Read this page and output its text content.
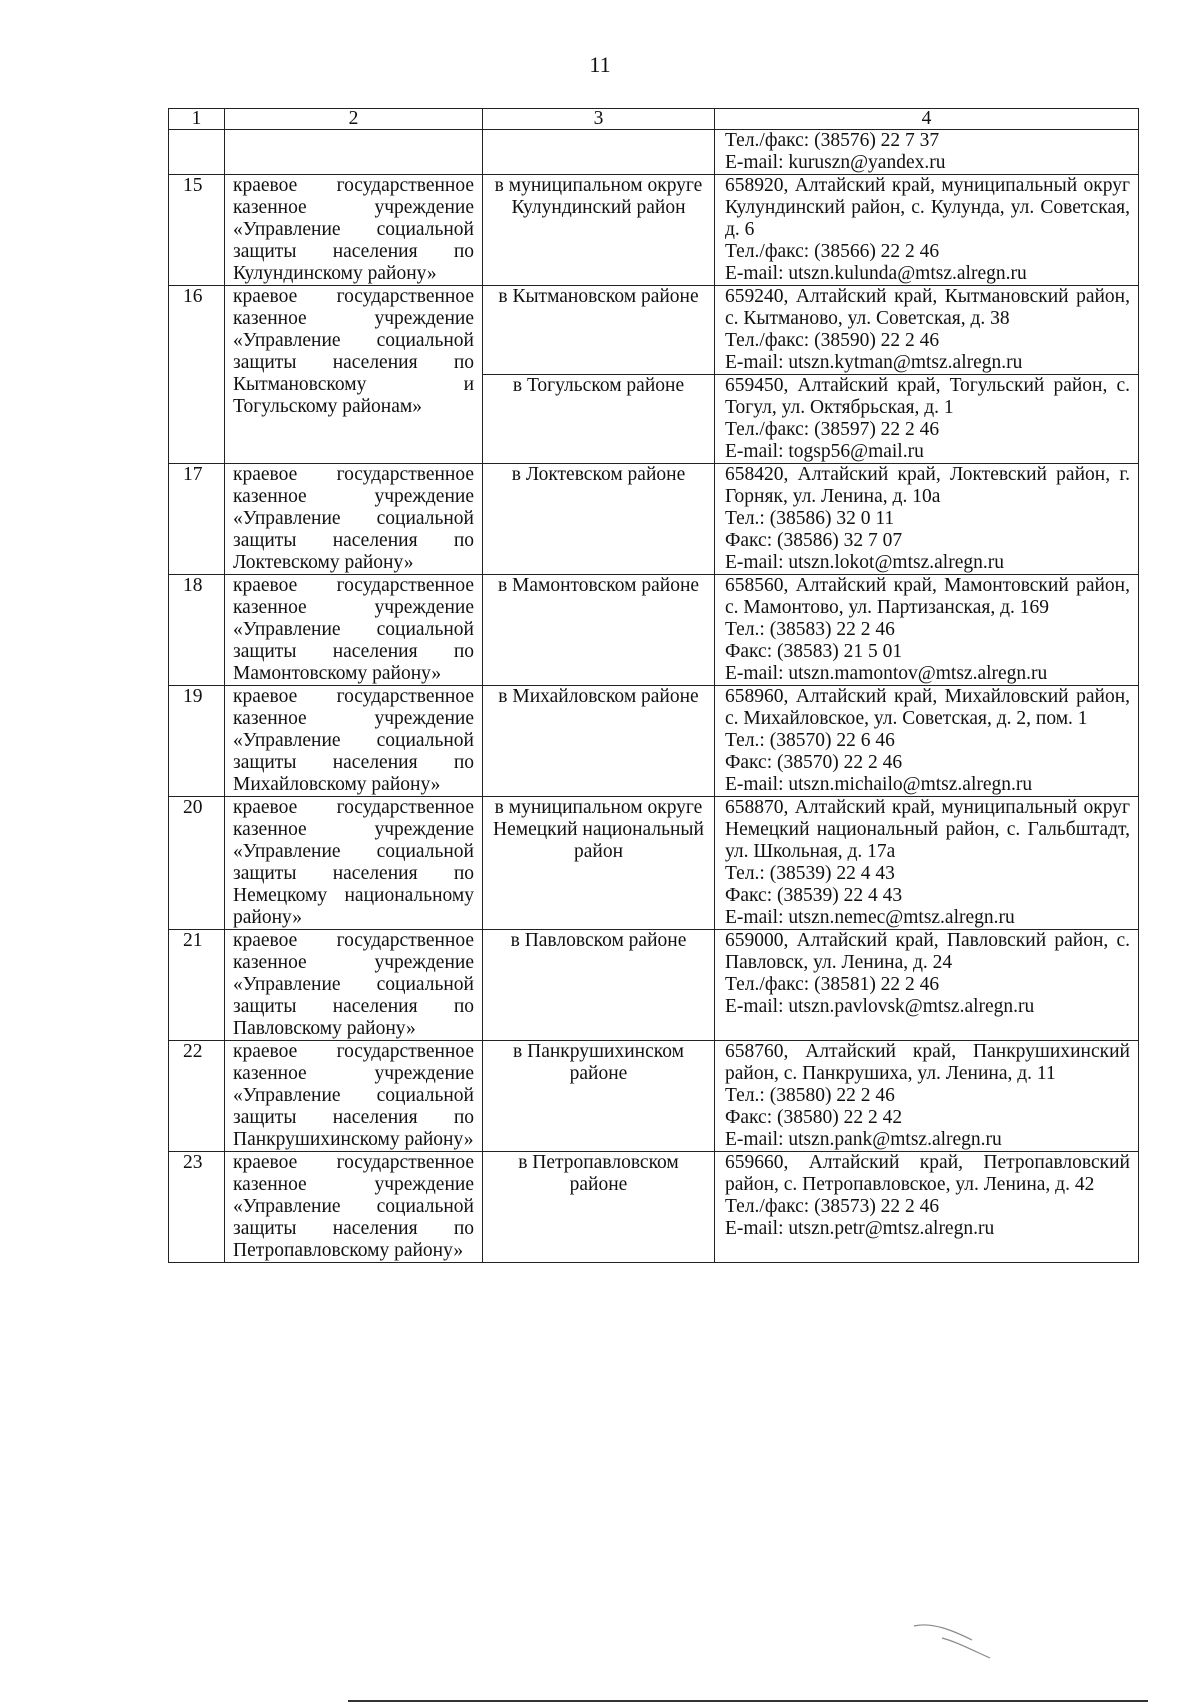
11
1	2	3	4

			Тел./факс: (38576) 22 7 37
E-mail: kuruszn@yandex.ru

15	краевое государственное казенное учреждение «Управление социальной защиты населения по Кулундинскому району»	в муниципальном округе Кулундинский район	658920, Алтайский край, муниципальный округ Кулундинский район, с. Кулунда, ул. Советская, д. 6
Тел./факс: (38566) 22 2 46
E-mail: utszn.kulunda@mtsz.alregn.ru

16	краевое государственное казенное учреждение «Управление социальной защиты населения по Кытмановскому и Тогульскому районам»	в Кытмановском районе	659240, Алтайский край, Кытмановский район, с. Кытманово, ул. Советская, д. 38
Тел./факс: (38590) 22 2 46
E-mail: utszn.kytman@mtsz.alregn.ru

		в Тогульском районе	659450, Алтайский край, Тогульский район, с. Тогул, ул. Октябрьская, д. 1
Тел./факс: (38597) 22 2 46
E-mail: togsp56@mail.ru

17	краевое государственное казенное учреждение «Управление социальной защиты населения по Локтевскому району»	в Локтевском районе	658420, Алтайский край, Локтевский район, г. Горняк, ул. Ленина, д. 10а
Тел.: (38586) 32 0 11
Факс: (38586) 32 7 07
E-mail: utszn.lokot@mtsz.alregn.ru

18	краевое государственное казенное учреждение «Управление социальной защиты населения по Мамонтовскому району»	в Мамонтовском районе	658560, Алтайский край, Мамонтовский район, с. Мамонтово, ул. Партизанская, д. 169
Тел.: (38583) 22 2 46
Факс: (38583) 21 5 01
E-mail: utszn.mamontov@mtsz.alregn.ru

19	краевое государственное казенное учреждение «Управление социальной защиты населения по Михайловскому району»	в Михайловском районе	658960, Алтайский край, Михайловский район, с. Михайловское, ул. Советская, д. 2, пом. 1
Тел.: (38570) 22 6 46
Факс: (38570) 22 2 46
E-mail: utszn.michailo@mtsz.alregn.ru

20	краевое государственное казенное учреждение «Управление социальной защиты населения по Немецкому национальному району»	в муниципальном округе Немецкий национальный район	658870, Алтайский край, муниципальный округ Немецкий национальный район, с. Гальбштадт, ул. Школьная, д. 17а
Тел.: (38539) 22 4 43
Факс: (38539) 22 4 43
E-mail: utszn.nemec@mtsz.alregn.ru

21	краевое государственное казенное учреждение «Управление социальной защиты населения по Павловскому району»	в Павловском районе	659000, Алтайский край, Павловский район, с. Павловск, ул. Ленина, д. 24
Тел./факс: (38581) 22 2 46
E-mail: utszn.pavlovsk@mtsz.alregn.ru

22	краевое государственное казенное учреждение «Управление социальной защиты населения по Панкрушихинскому району»	в Панкрушихинском районе	658760, Алтайский край, Панкрушихинский район, с. Панкрушиха, ул. Ленина, д. 11
Тел.: (38580) 22 2 46
Факс: (38580) 22 2 42
E-mail: utszn.pank@mtsz.alregn.ru

23	краевое государственное казенное учреждение «Управление социальной защиты населения по Петропавловскому району»	в Петропавловском районе	659660, Алтайский край, Петропавловский район, с. Петропавловское, ул. Ленина, д. 42
Тел./факс: (38573) 22 2 46
E-mail: utszn.petr@mtsz.alregn.ru
